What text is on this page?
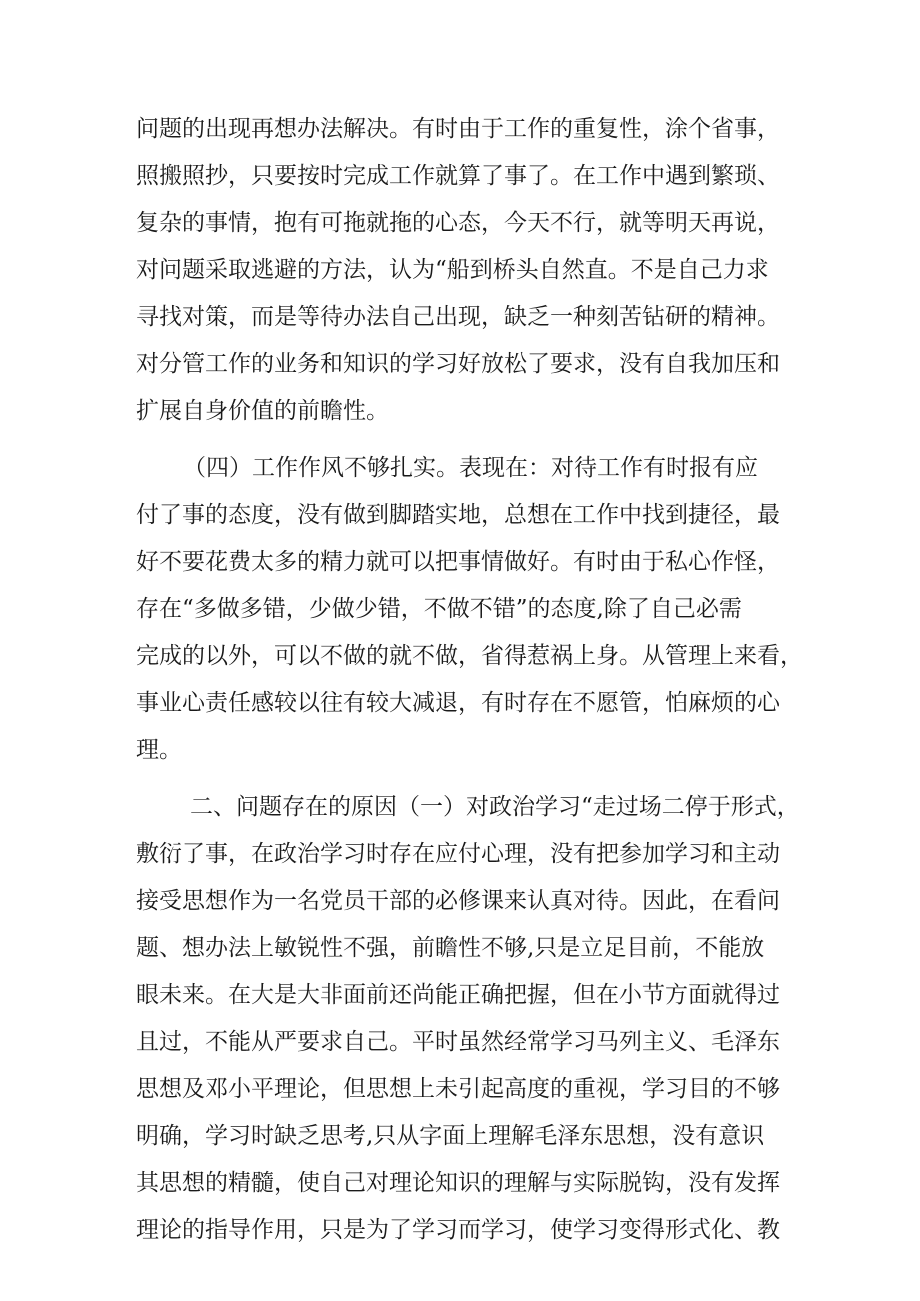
问题的出现再想办法解决。有时由于工作的重复性，涂个省事，
照搬照抄，只要按时完成工作就算了事了。在工作中遇到繁琐、
复杂的事情，抱有可拖就拖的心态，今天不行，就等明天再说，
对问题采取逃避的方法，认为“船到桥头自然直。不是自己力求
寻找对策，而是等待办法自己出现，缺乏一种刻苦钻研的精神。
对分管工作的业务和知识的学习好放松了要求，没有自我加压和
扩展自身价值的前瞻性。
（四）工作作风不够扎实。表现在：对待工作有时报有应
付了事的态度，没有做到脚踏实地，总想在工作中找到捷径，最
好不要花费太多的精力就可以把事情做好。有时由于私心作怪，
存在“多做多错，少做少错，不做不错”的态度,除了自己必需
完成的以外，可以不做的就不做，省得惹祸上身。从管理上来看，
事业心责任感较以往有较大减退，有时存在不愿管，怕麻烦的心
理。
二、问题存在的原因（一）对政治学习“走过场二停于形式，
敷衍了事，在政治学习时存在应付心理，没有把参加学习和主动
接受思想作为一名党员干部的必修课来认真对待。因此，在看问
题、想办法上敏锐性不强，前瞻性不够,只是立足目前，不能放
眼未来。在大是大非面前还尚能正确把握，但在小节方面就得过
且过，不能从严要求自己。平时虽然经常学习马列主义、毛泽东
思想及邓小平理论，但思想上未引起高度的重视，学习目的不够
明确，学习时缺乏思考,只从字面上理解毛泽东思想，没有意识
其思想的精髓，使自己对理论知识的理解与实际脱钩，没有发挥
理论的指导作用，只是为了学习而学习，使学习变得形式化、教
